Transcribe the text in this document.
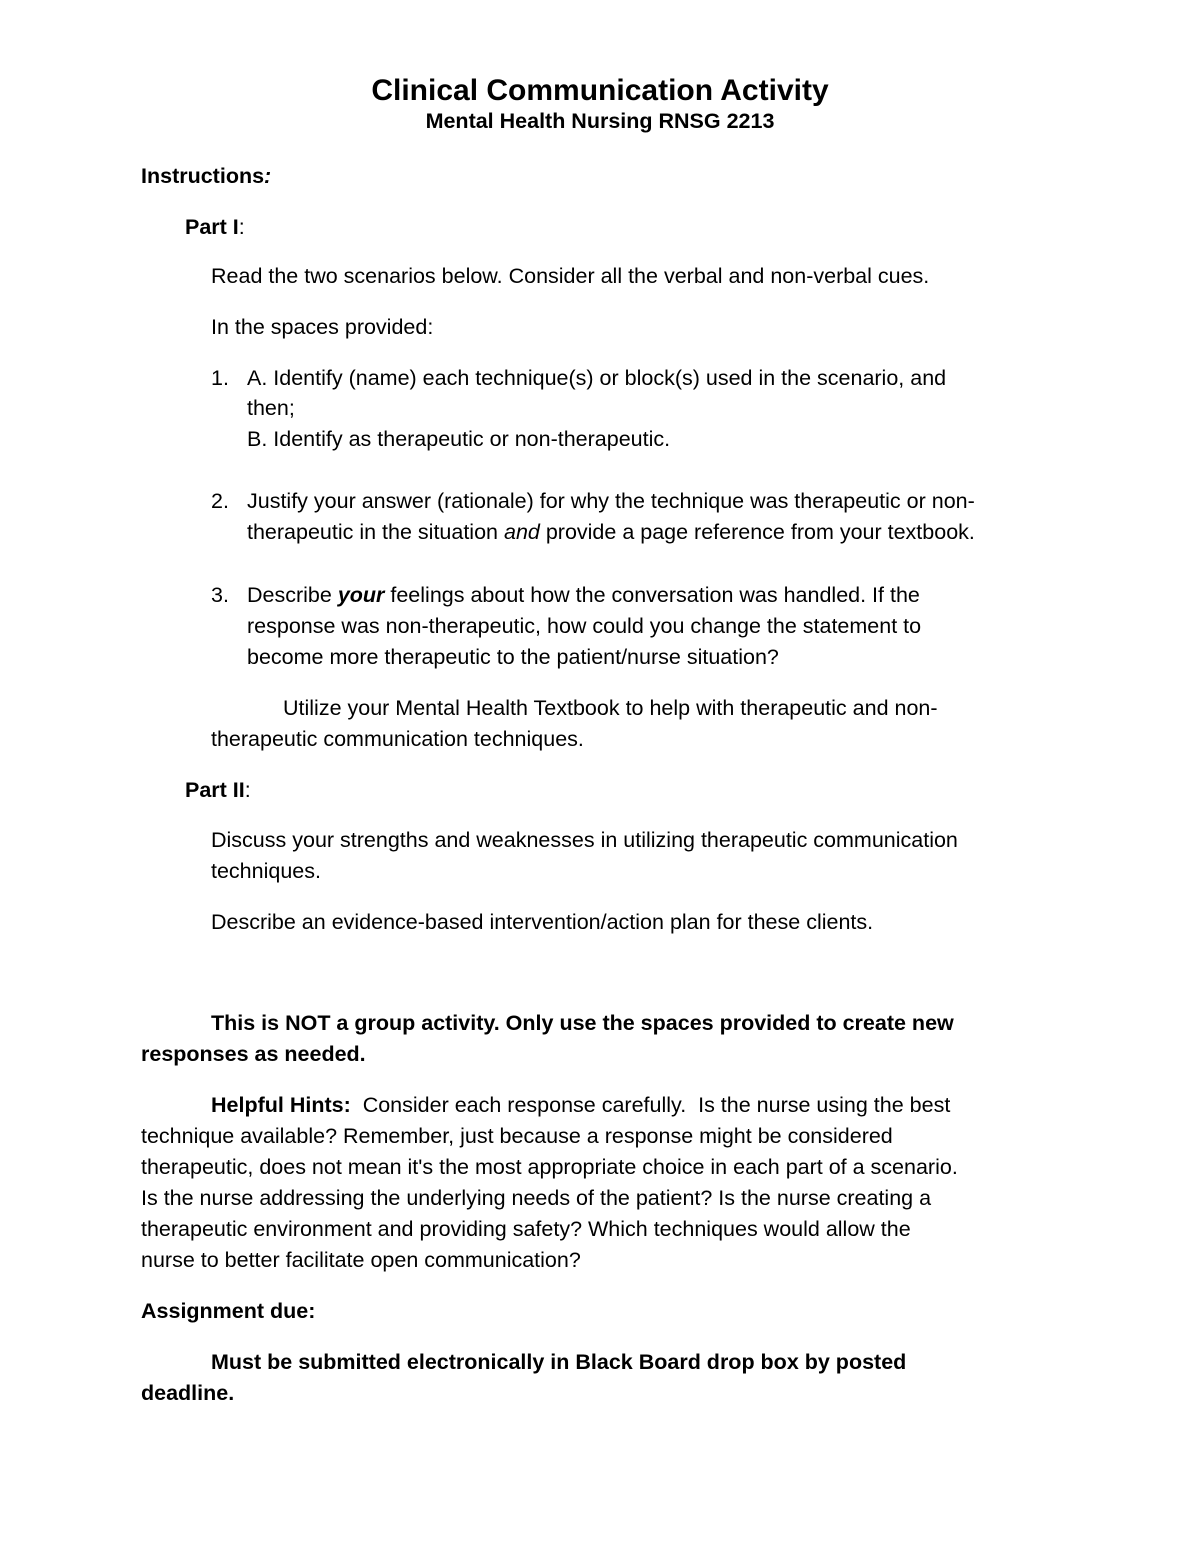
Clinical Communication Activity
Mental Health Nursing RNSG 2213
Instructions:
Part I:
Read the two scenarios below. Consider all the verbal and non-verbal cues.
In the spaces provided:
1. A. Identify (name) each technique(s) or block(s) used in the scenario, and
then;
B. Identify as therapeutic or non-therapeutic.
2. Justify your answer (rationale) for why the technique was therapeutic or non-
therapeutic in the situation and provide a page reference from your textbook.
3. Describe your feelings about how the conversation was handled. If the
response was non-therapeutic, how could you change the statement to
become more therapeutic to the patient/nurse situation?
Utilize your Mental Health Textbook to help with therapeutic and non-
therapeutic communication techniques.
Part II:
Discuss your strengths and weaknesses in utilizing therapeutic communication
techniques.
Describe an evidence-based intervention/action plan for these clients.
This is NOT a group activity. Only use the spaces provided to create new
responses as needed.
Helpful Hints:  Consider each response carefully.  Is the nurse using the best
technique available? Remember, just because a response might be considered
therapeutic, does not mean it's the most appropriate choice in each part of a scenario.
Is the nurse addressing the underlying needs of the patient? Is the nurse creating a
therapeutic environment and providing safety? Which techniques would allow the
nurse to better facilitate open communication?
Assignment due:
Must be submitted electronically in Black Board drop box by posted
deadline.
